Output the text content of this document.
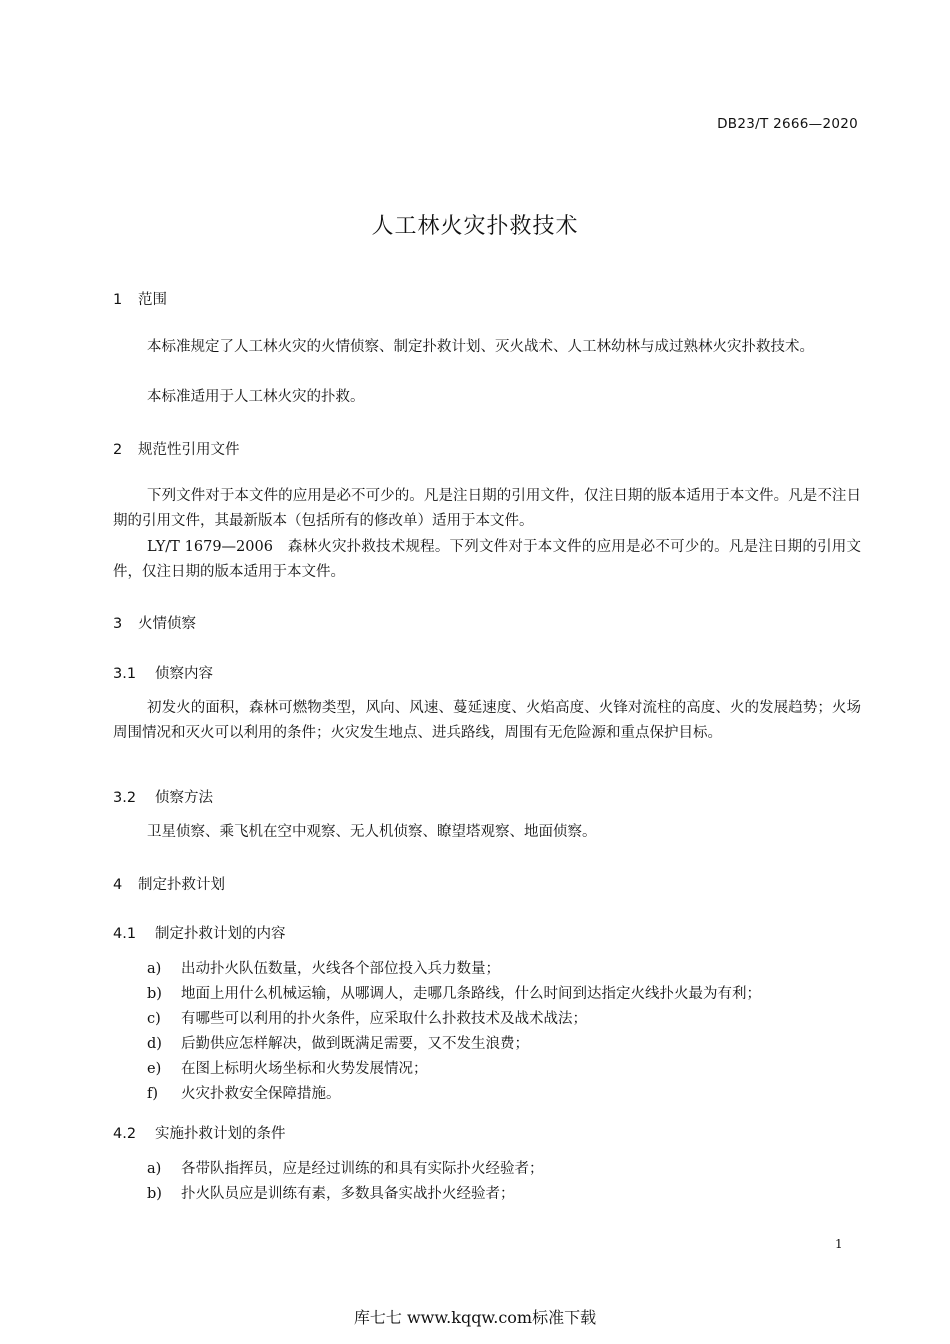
DB23/T 2666—2020
人工林火灾扑救技术
1 范围
本标准规定了人工林火灾的火情侦察、制定扑救计划、灭火战术、人工林幼林与成过熟林火灾扑救技术。
本标准适用于人工林火灾的扑救。
2 规范性引用文件
下列文件对于本文件的应用是必不可少的。凡是注日期的引用文件，仅注日期的版本适用于本文件。凡是不注日期的引用文件，其最新版本（包括所有的修改单）适用于本文件。
LY/T 1679—2006　森林火灾扑救技术规程。下列文件对于本文件的应用是必不可少的。凡是注日期的引用文件，仅注日期的版本适用于本文件。
3 火情侦察
3.1 侦察内容
初发火的面积，森林可燃物类型，风向、风速、蔓延速度、火焰高度、火锋对流柱的高度、火的发展趋势；火场周围情况和灭火可以利用的条件；火灾发生地点、进兵路线，周围有无危险源和重点保护目标。
3.2 侦察方法
卫星侦察、乘飞机在空中观察、无人机侦察、瞭望塔观察、地面侦察。
4 制定扑救计划
4.1 制定扑救计划的内容
a)	出动扑火队伍数量，火线各个部位投入兵力数量；
b)	地面上用什么机械运输，从哪调人，走哪几条路线，什么时间到达指定火线扑火最为有利；
c)	有哪些可以利用的扑火条件，应采取什么扑救技术及战术战法；
d)	后勤供应怎样解决，做到既满足需要，又不发生浪费；
e)	在图上标明火场坐标和火势发展情况；
f)	火灾扑救安全保障措施。
4.2 实施扑救计划的条件
a)	各带队指挥员，应是经过训练的和具有实际扑火经验者；
b)	扑火队员应是训练有素，多数具备实战扑火经验者；
1
库七七 www.kqqw.com标准下载
